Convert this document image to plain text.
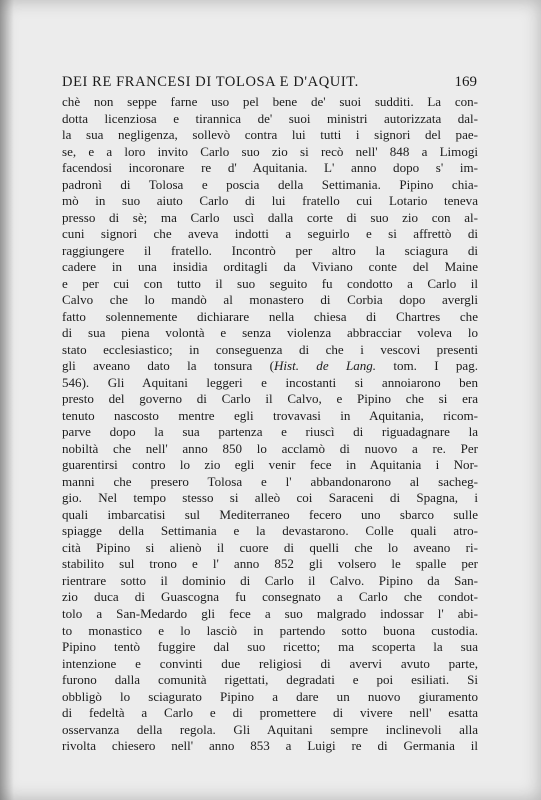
DEI RE FRANCESI DI TOLOSA E D'AQUIT.	169
chè non seppe farne uso pel bene de' suoi sudditi. La con-
dotta licenziosa e tirannica de' suoi ministri autorizzata dal-
la sua negligenza, sollevò contra lui tutti i signori del pae-
se, e a loro invito Carlo suo zio si recò nell' 848 a Limogi
facendosi incoronare re d' Aquitania. L' anno dopo s' im-
padronì di Tolosa e poscia della Settimania. Pipino chia-
mò in suo aiuto Carlo di lui fratello cui Lotario teneva
presso di sè; ma Carlo uscì dalla corte di suo zio con al-
cuni signori che aveva indotti a seguirlo e si affrettò di
raggiungere il fratello. Incontrò per altro la sciagura di
cadere in una insidia orditagli da Viviano conte del Maine
e per cui con tutto il suo seguito fu condotto a Carlo il
Calvo che lo mandò al monastero di Corbia dopo avergli
fatto solennemente dichiarare nella chiesa di Chartres che
di sua piena volontà e senza violenza abbracciar voleva lo
stato ecclesiastico; in conseguenza di che i vescovi presenti
gli aveano dato la tonsura (Hist. de Lang. tom. I pag.
546). Gli Aquitani leggeri e incostanti si annoiarono ben
presto del governo di Carlo il Calvo, e Pipino che si era
tenuto nascosto mentre egli trovavasi in Aquitania, ricom-
parve dopo la sua partenza e riuscì di riguadagnare la
nobiltà che nell' anno 850 lo acclamò di nuovo a re. Per
guarentirsi contro lo zio egli venir fece in Aquitania i Nor-
manni che presero Tolosa e l' abbandonarono al sacheg-
gio. Nel tempo stesso si alleò coi Saraceni di Spagna, i
quali imbarcatisi sul Mediterraneo fecero uno sbarco sulle
spiagge della Settimania e la devastarono. Colle quali atro-
cità Pipino si alienò il cuore di quelli che lo aveano ri-
stabilito sul trono e l' anno 852 gli volsero le spalle per
rientrare sotto il dominio di Carlo il Calvo. Pipino da San-
zio duca di Guascogna fu consegnato a Carlo che condot-
tolo a San-Medardo gli fece a suo malgrado indossar l' abi-
to monastico e lo lasciò in partendo sotto buona custodia.
Pipino tentò fuggire dal suo ricetto; ma scoperta la sua
intenzione e convinti due religiosi di avervi avuto parte,
furono dalla comunità rigettati, degradati e poi esiliati. Si
obbligò lo sciagurato Pipino a dare un nuovo giuramento
di fedeltà a Carlo e di promettere di vivere nell' esatta
osservanza della regola. Gli Aquitani sempre inclinevoli alla
rivolta chiesero nell' anno 853 a Luigi re di Germania il
